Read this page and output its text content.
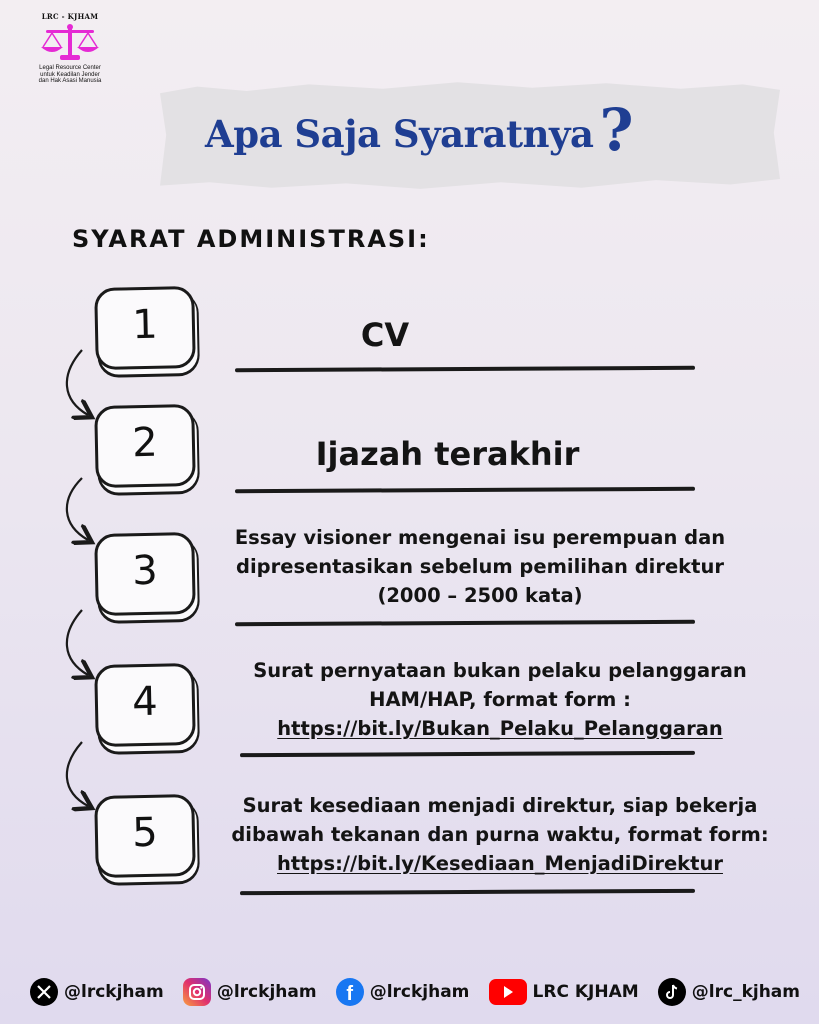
LRC - KJHAM
Legal Resource Center
untuk Keadilan Jender
dan Hak Asasi Manusia
Apa Saja Syaratnya ?
SYARAT ADMINISTRASI:
1	CV
2	Ijazah terakhir
3
Essay visioner mengenai isu perempuan dan
dipresentasikan sebelum pemilihan direktur
(2000 – 2500 kata)
4
Surat pernyataan bukan pelaku pelanggaran
HAM/HAP, format form :
https://bit.ly/Bukan_Pelaku_Pelanggaran
5
Surat kesediaan menjadi direktur, siap bekerja
dibawah tekanan dan purna waktu, format form:
https://bit.ly/Kesediaan_MenjadiDirektur
@lrckjham	@lrckjham f @lrckjham	LRC KJHAM	@lrc_kjham
